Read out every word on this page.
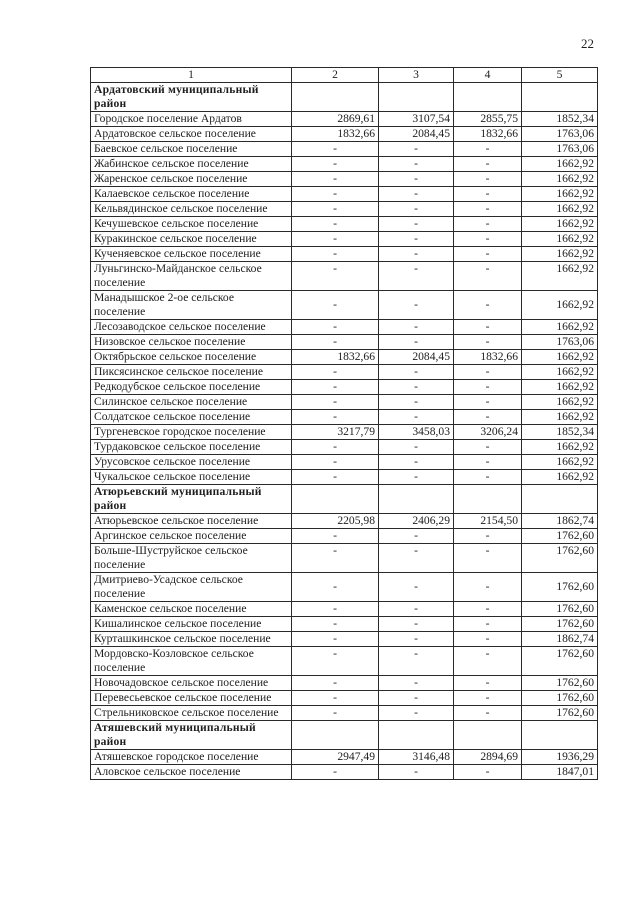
22
1	2	3	4	5
Ардатовский муниципальный район				
Городское поселение Ардатов	2869,61	3107,54	2855,75	1852,34
Ардатовское сельское поселение	1832,66	2084,45	1832,66	1763,06
Баевское сельское поселение	-	-	-	1763,06
Жабинское сельское поселение	-	-	-	1662,92
Жаренское сельское поселение	-	-	-	1662,92
Калаевское сельское поселение	-	-	-	1662,92
Кельвядинское сельское поселение	-	-	-	1662,92
Кечушевское сельское поселение	-	-	-	1662,92
Куракинское сельское поселение	-	-	-	1662,92
Кученяевское сельское поселение	-	-	-	1662,92
Луньгинско-Майданское сельское поселение	-	-	-	1662,92
Манадышское 2-ое сельское поселение	-	-	-	1662,92
Лесозаводское сельское поселение	-	-	-	1662,92
Низовское сельское поселение	-	-	-	1763,06
Октябрьское сельское поселение	1832,66	2084,45	1832,66	1662,92
Пиксясинское сельское поселение	-	-	-	1662,92
Редкодубское сельское поселение	-	-	-	1662,92
Силинское сельское поселение	-	-	-	1662,92
Солдатское сельское поселение	-	-	-	1662,92
Тургеневское городское поселение	3217,79	3458,03	3206,24	1852,34
Турдаковское сельское поселение	-	-	-	1662,92
Урусовское сельское поселение	-	-	-	1662,92
Чукальское сельское поселение	-	-	-	1662,92
Атюрьевский муниципальный район				
Атюрьевское сельское поселение	2205,98	2406,29	2154,50	1862,74
Аргинское сельское поселение	-	-	-	1762,60
Больше-Шуструйское сельское поселение	-	-	-	1762,60
Дмитриево-Усадское сельское поселение	-	-	-	1762,60
Каменское сельское поселение	-	-	-	1762,60
Кишалинское сельское поселение	-	-	-	1762,60
Курташкинское сельское поселение	-	-	-	1862,74
Мордовско-Козловское сельское поселение	-	-	-	1762,60
Новочадовское сельское поселение	-	-	-	1762,60
Перевесьевское сельское поселение	-	-	-	1762,60
Стрельниковское сельское поселение	-	-	-	1762,60
Атяшевский муниципальный район				
Атяшевское городское поселение	2947,49	3146,48	2894,69	1936,29
Аловское сельское поселение	-	-	-	1847,01
